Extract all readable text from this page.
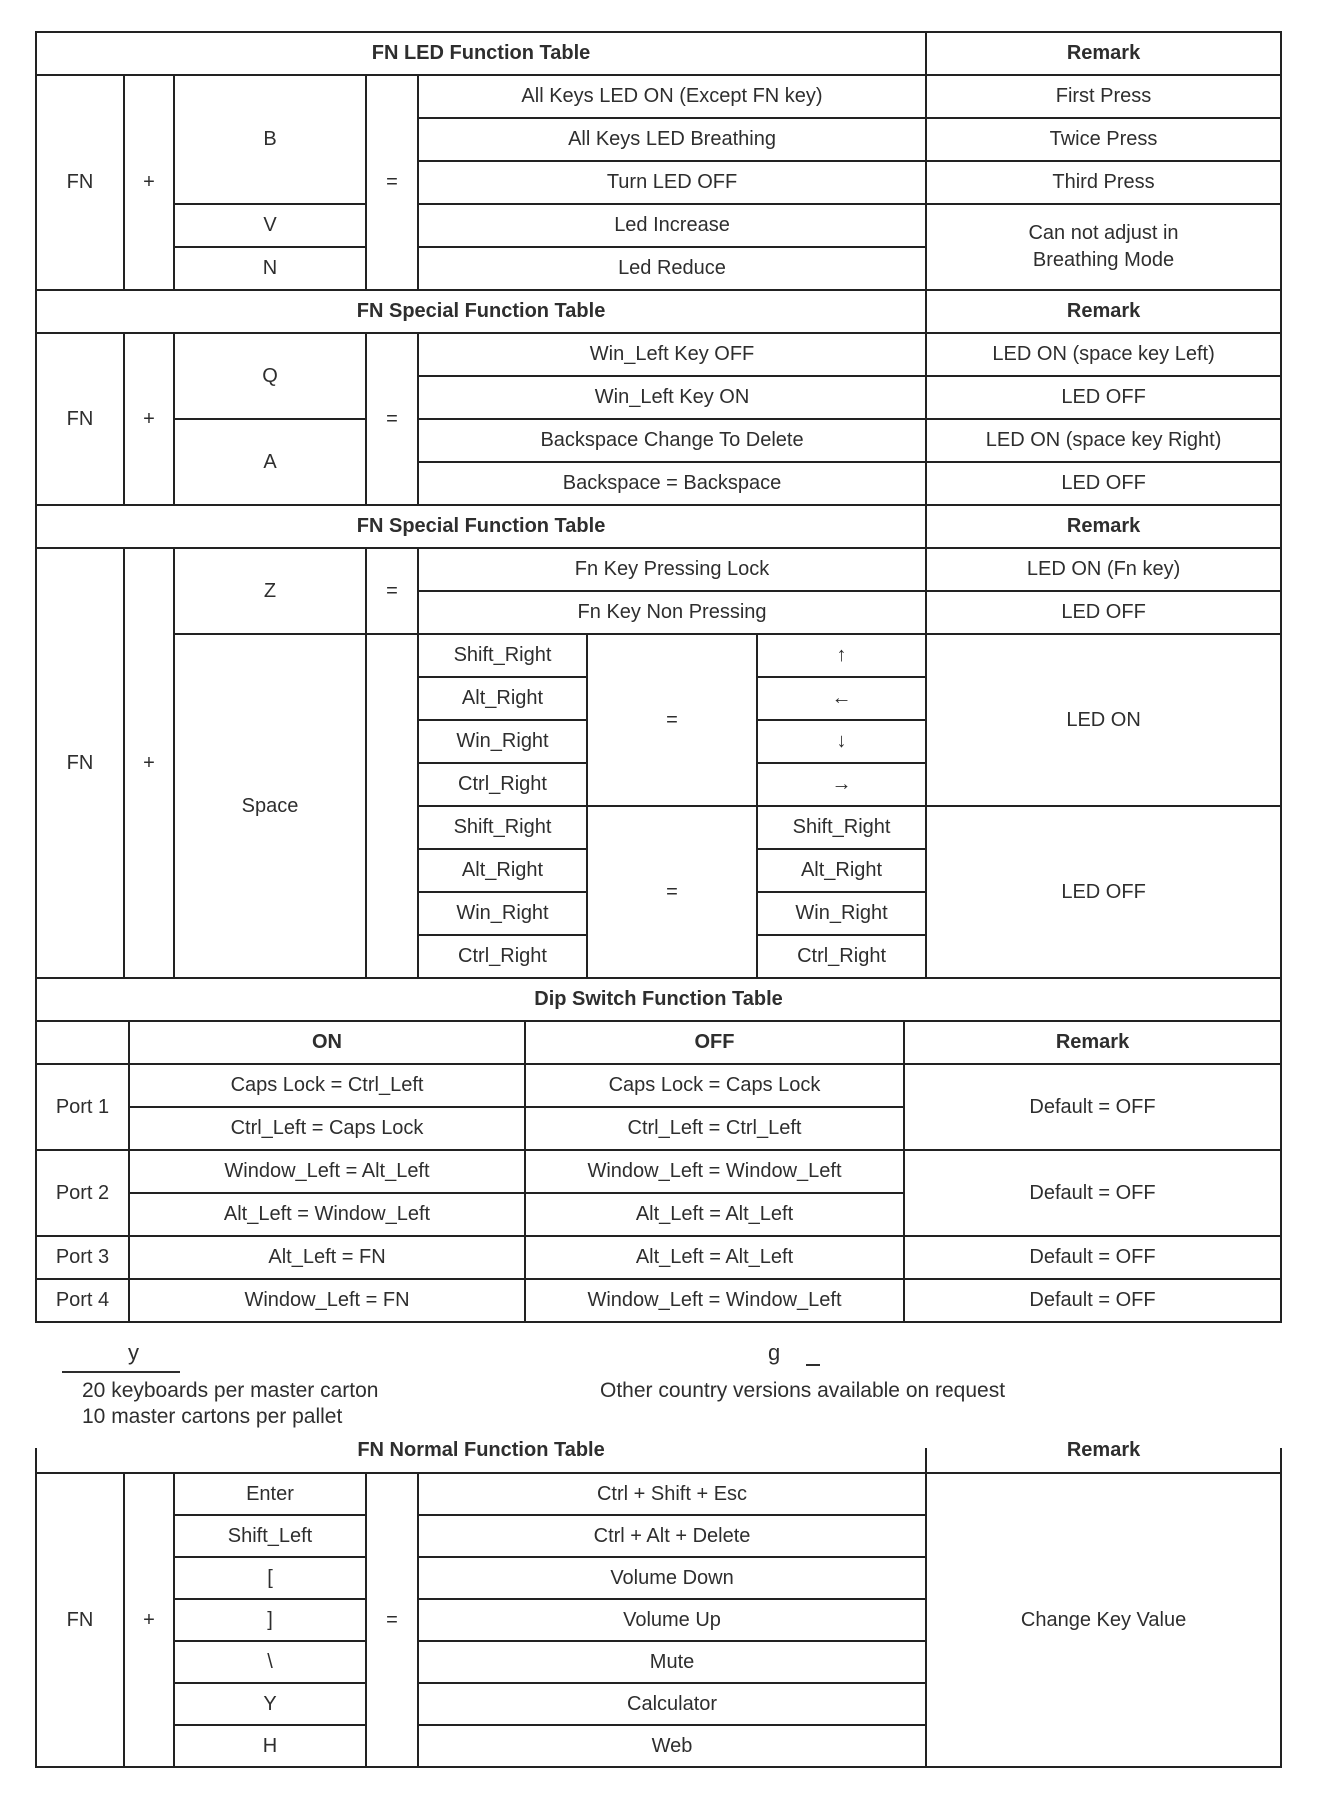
FN LED Function Table					Remark
FN	+	B	=	All Keys LED ON (Except FN key)	First Press
				All Keys LED Breathing	Twice Press
				Turn LED OFF	Third Press
		V		Led Increase	Can not adjust in Breathing Mode

		N		Led Reduce	
FN Special Function Table					Remark
FN	+	Q	=	Win_Left Key OFF	LED ON (space key Left)
				Win_Left Key ON	LED OFF
		A		Backspace Change To Delete	LED ON (space key Right)
				Backspace = Backspace	LED OFF
FN Special Function Table							Remark
FN	+	Z	=	Fn Key Pressing Lock			LED ON (Fn key)
				Fn Key Non Pressing			LED OFF
		Space		Shift_Right	=	↑	LED ON
				Alt_Right		←	
				Win_Right		↓	
				Ctrl_Right		→	
				Shift_Right	=	Shift_Right	LED OFF
				Alt_Right		Alt_Right	
				Win_Right		Win_Right	
				Ctrl_Right		Ctrl_Right	
Dip Switch Function Table			
	ON	OFF	Remark
Port 1	Caps Lock = Ctrl_Left	Caps Lock = Caps Lock	Default = OFF
	Ctrl_Left = Caps Lock	Ctrl_Left = Ctrl_Left	
Port 2	Window_Left = Alt_Left	Window_Left = Window_Left	Default = OFF
	Alt_Left = Window_Left	Alt_Left = Alt_Left	
Port 3	Alt_Left = FN	Alt_Left = Alt_Left	Default = OFF
Port 4	Window_Left = FN	Window_Left = Window_Left	Default = OFF
y	g
20 keyboards per master carton
10 master cartons per pallet
Other country versions available on request
FN Normal Function Table					Remark

FN	+	Enter	=	Ctrl + Shift + Esc	Change Key Value
		Shift_Left		Ctrl + Alt + Delete	
		[		Volume Down	
		]		Volume Up	
		\		Mute	
		Y		Calculator	
		H		Web	
